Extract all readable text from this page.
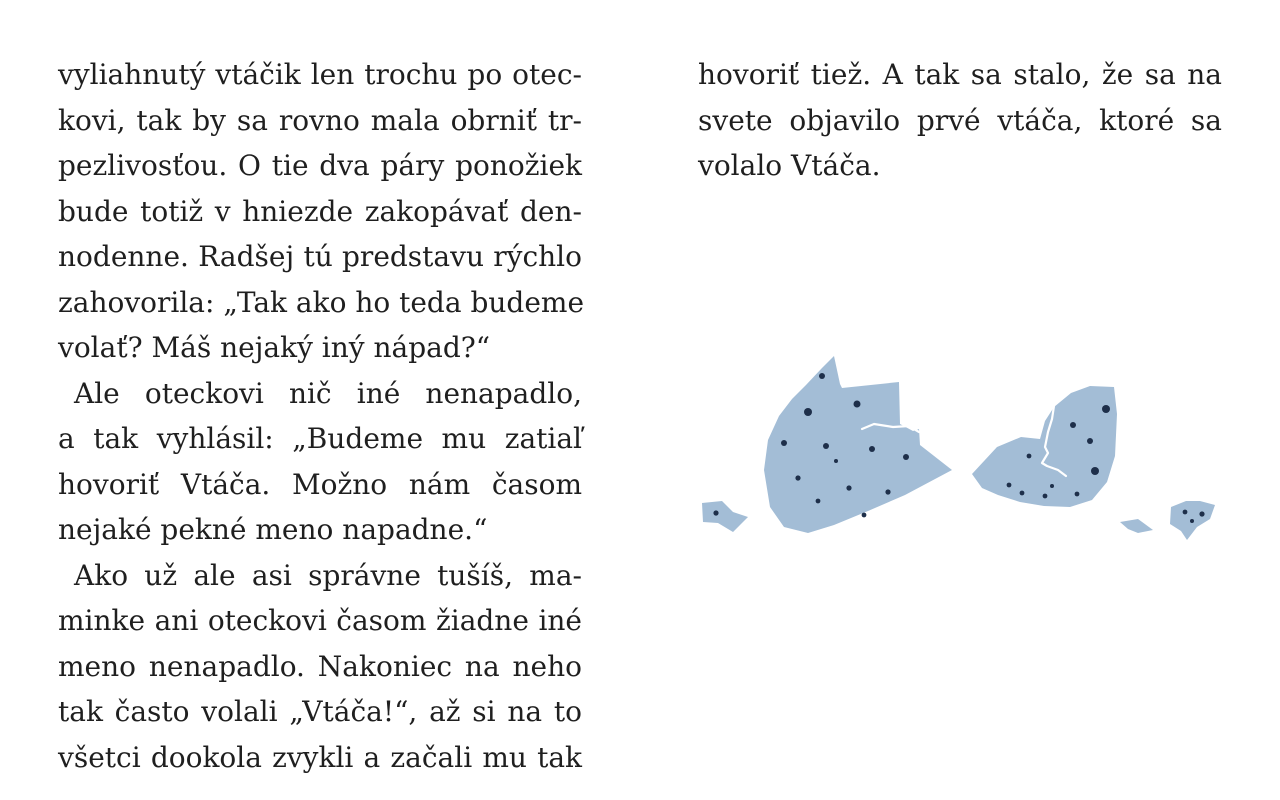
vyliahnutý vtáčik len trochu po otec-
kovi, tak by sa rovno mala obrniť tr-
pezlivosťou. O tie dva páry ponožiek
bude totiž v hniezde zakopávať den-
nodenne. Radšej tú predstavu rýchlo
zahovorila: „Tak ako ho teda budeme
volať? Máš nejaký iný nápad?“
Ale oteckovi nič iné nenapadlo,
a tak vyhlásil: „Budeme mu zatiaľ
hovoriť Vtáča. Možno nám časom
nejaké pekné meno napadne.“
Ako už ale asi správne tušíš, ma-
minke ani oteckovi časom žiadne iné
meno nenapadlo. Nakoniec na neho
tak často volali „Vtáča!“, až si na to
všetci dookola zvykli a začali mu tak
hovoriť tiež. A tak sa stalo, že sa na
svete objavilo prvé vtáča, ktoré sa
volalo Vtáča.
